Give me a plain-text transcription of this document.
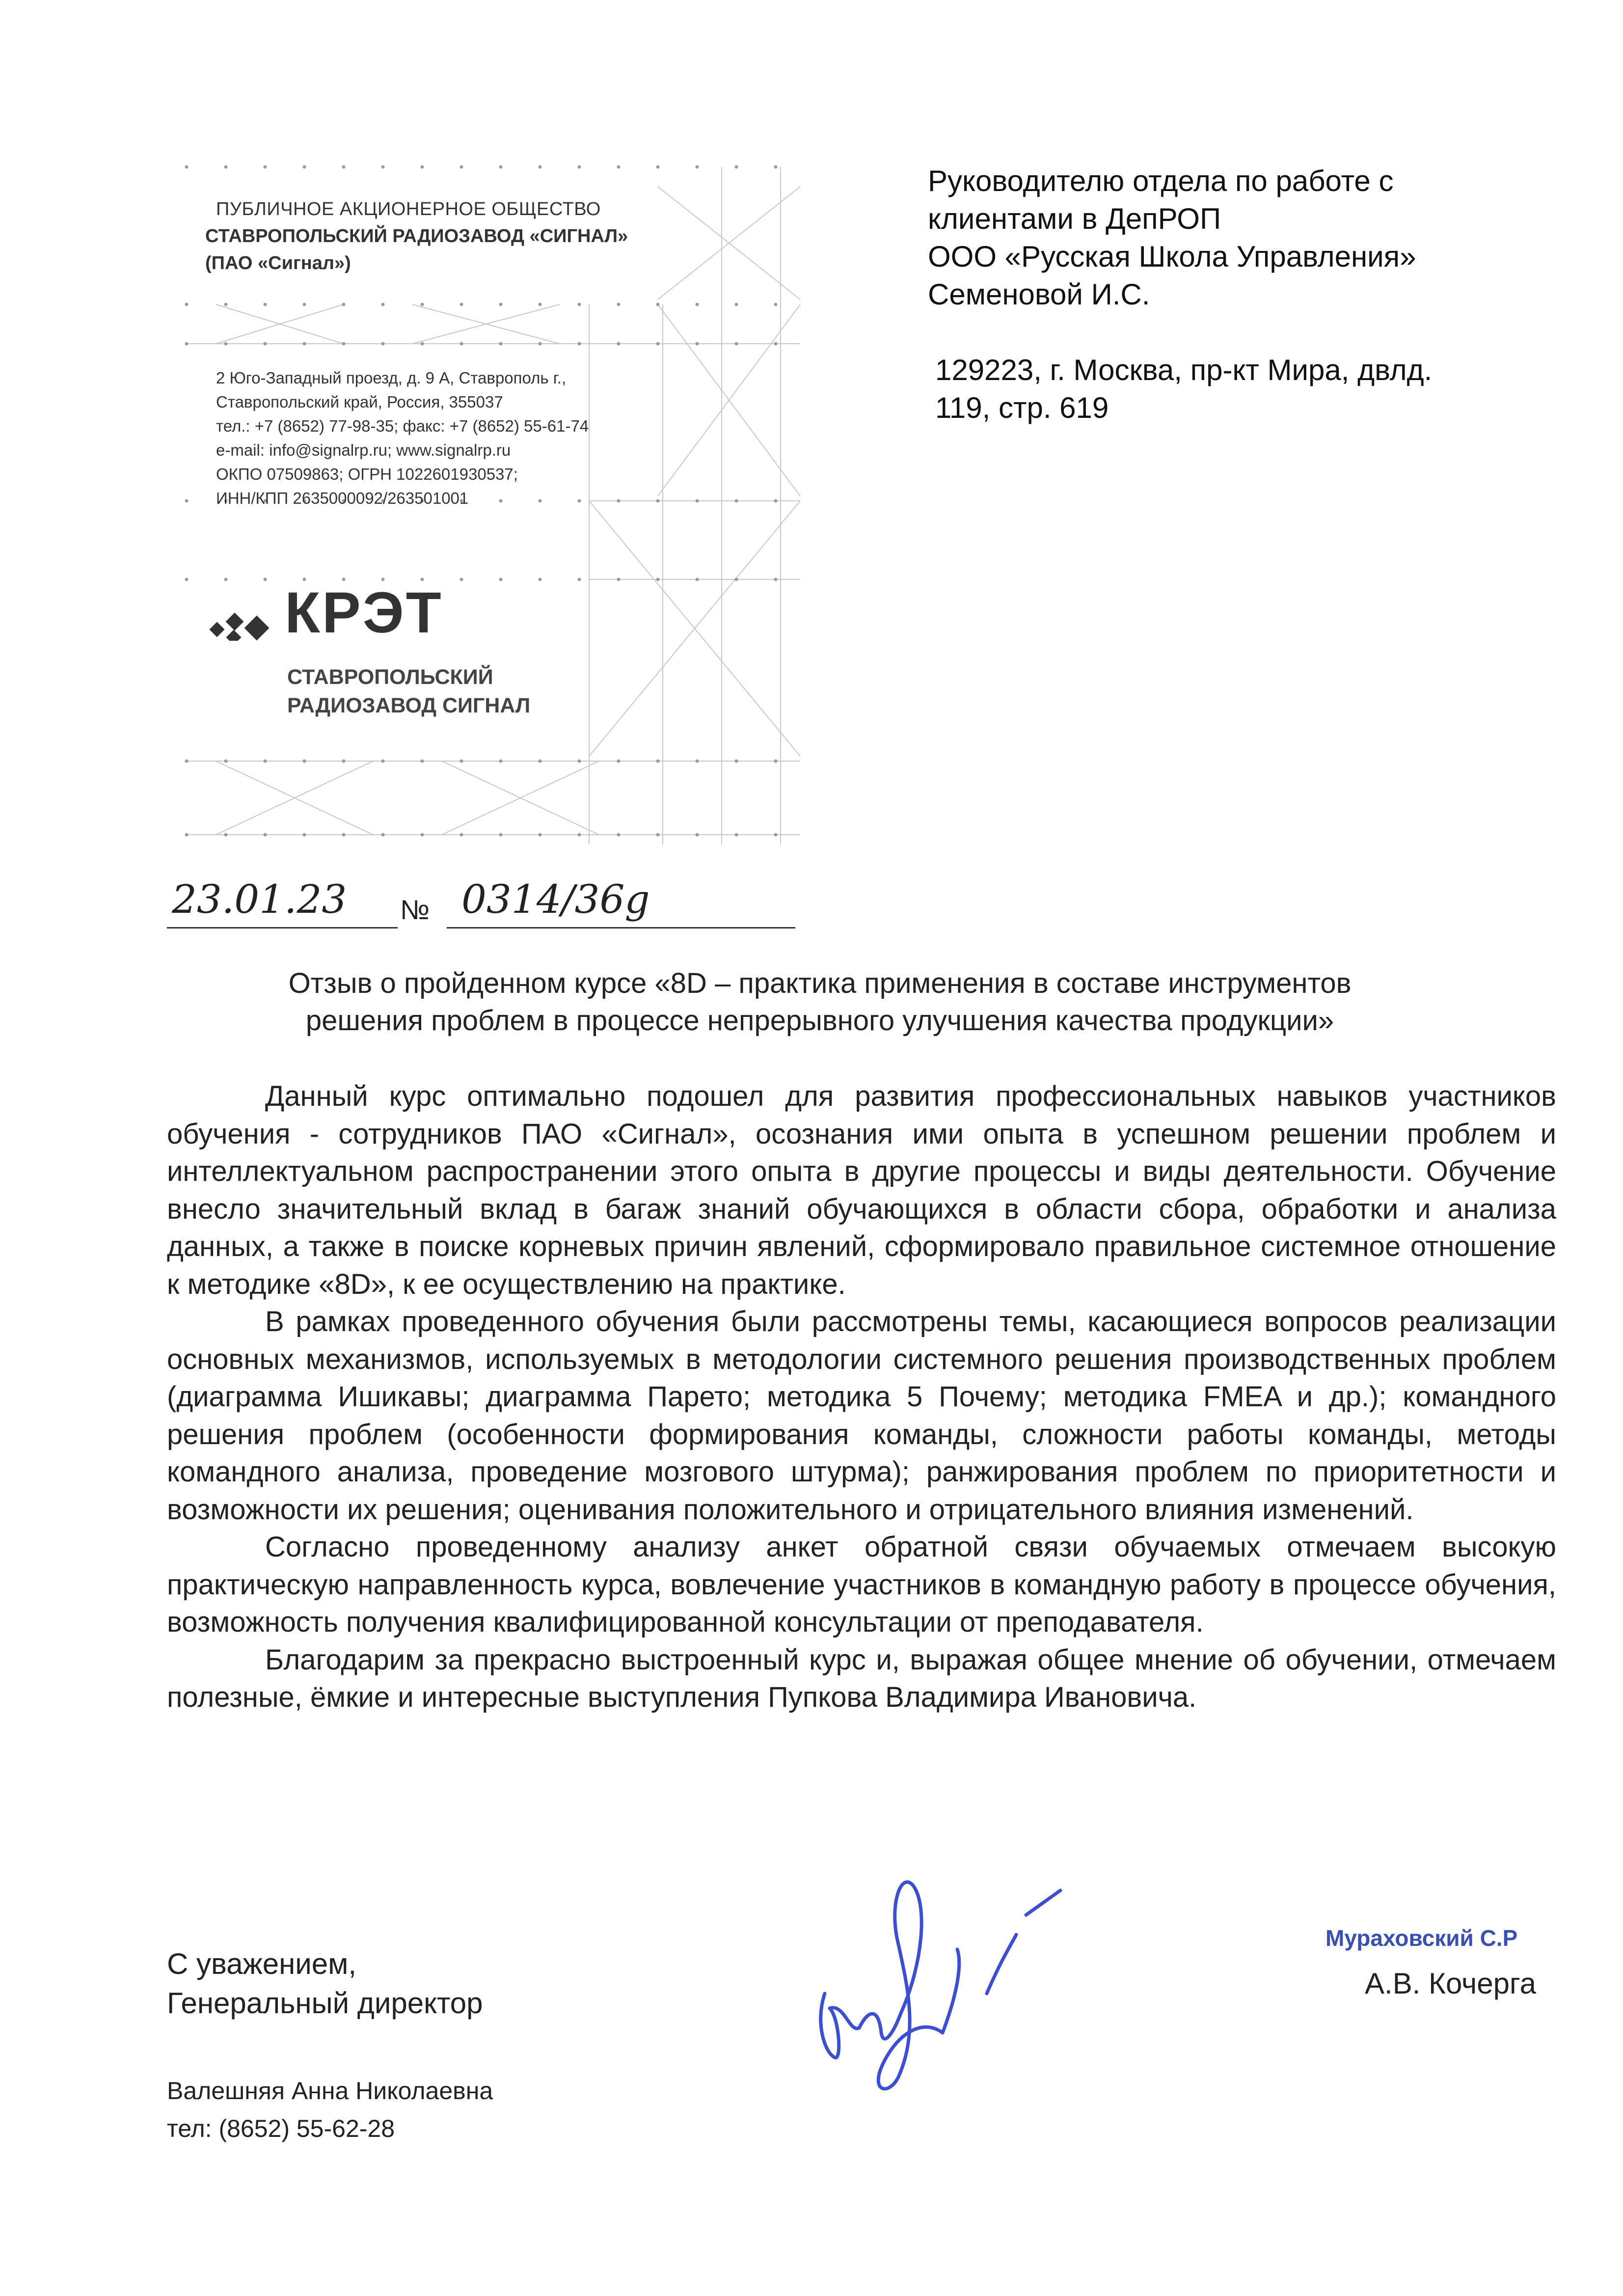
ПУБЛИЧНОЕ АКЦИОНЕРНОЕ ОБЩЕСТВО
СТАВРОПОЛЬСКИЙ РАДИОЗАВОД «СИГНАЛ»
(ПАО «Сигнал»)
2 Юго-Западный проезд, д. 9 А, Ставрополь г.,
Ставропольский край, Россия, 355037
тел.: +7 (8652) 77-98-35; факс: +7 (8652) 55-61-74
e-mail: info@signalrp.ru; www.signalrp.ru
ОКПО 07509863; ОГРН 1022601930537;
ИНН/КПП 2635000092/263501001
КРЭТ
СТАВРОПОЛЬСКИЙ
РАДИОЗАВОД СИГНАЛ
Руководителю отдела по работе с
клиентами в ДепРОП
ООО «Русская Школа Управления»
Семеновой И.С.
129223, г. Москва, пр-кт Мира, двлд.
119, стр. 619
23.01.23 № 0314/36g
Отзыв о пройденном курсе «8D – практика применения в составе инструментов
решения проблем в процессе непрерывного улучшения качества продукции»

Данный курс оптимально подошел для развития профессиональных навыков участников обучения - сотрудников ПАО «Сигнал», осознания ими опыта в успешном решении проблем и интеллектуальном распространении этого опыта в другие процессы и виды деятельности. Обучение внесло значительный вклад в багаж знаний обучающихся в области сбора, обработки и анализа данных, а также в поиске корневых причин явлений, сформировало правильное системное отношение к методике «8D», к ее осуществлению на практике.

В рамках проведенного обучения были рассмотрены темы, касающиеся вопросов реализации основных механизмов, используемых в методологии системного решения производственных проблем (диаграмма Ишикавы; диаграмма Парето; методика 5 Почему; методика FMEA и др.); командного решения проблем (особенности формирования команды, сложности работы команды, методы командного анализа, проведение мозгового штурма); ранжирования проблем по приоритетности и возможности их решения; оценивания положительного и отрицательного влияния изменений.

Согласно проведенному анализу анкет обратной связи обучаемых отмечаем высокую практическую направленность курса, вовлечение участников в командную работу в процессе обучения, возможность получения квалифицированной консультации от преподавателя.

Благодарим за прекрасно выстроенный курс и, выражая общее мнение об обучении, отмечаем полезные, ёмкие и интересные выступления Пупкова Владимира Ивановича.

С уважением,
Генеральный директор
Мураховский С.Р
А.В. Кочерга
Валешняя Анна Николаевна
тел: (8652) 55-62-28
